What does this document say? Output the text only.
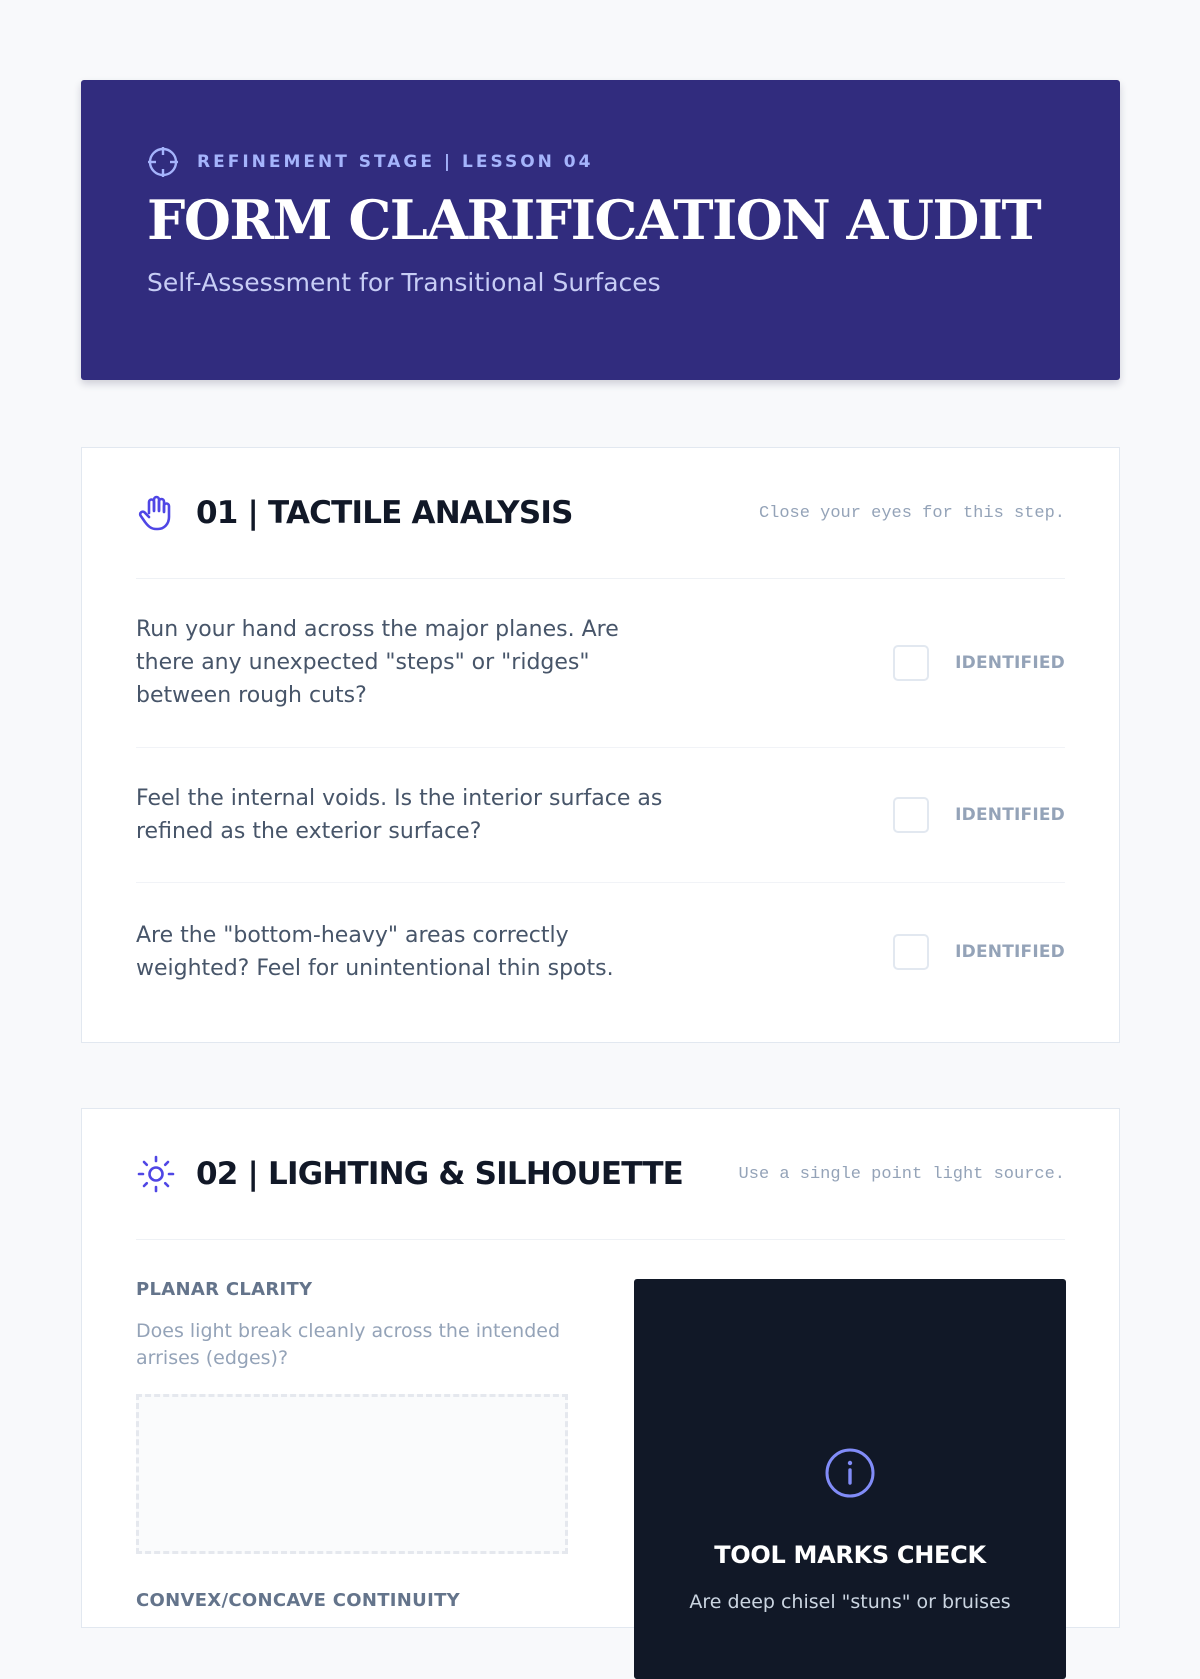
REFINEMENT STAGE | LESSON 04
FORM CLARIFICATION AUDIT
Self-Assessment for Transitional Surfaces
01 | TACTILE ANALYSIS	Close your eyes for this step.
Run your hand across the major planes. Are there any unexpected "steps" or "ridges" between rough cuts?
IDENTIFIED
Feel the internal voids. Is the interior surface as refined as the exterior surface?
IDENTIFIED
Are the "bottom-heavy" areas correctly weighted? Feel for unintentional thin spots.
IDENTIFIED
02 | LIGHTING & SILHOUETTE	Use a single point light source.
PLANAR CLARITY
Does light break cleanly across the intended arrises (edges)?
CONVEX/CONCAVE CONTINUITY
TOOL MARKS CHECK
Are deep chisel "stuns" or bruises
